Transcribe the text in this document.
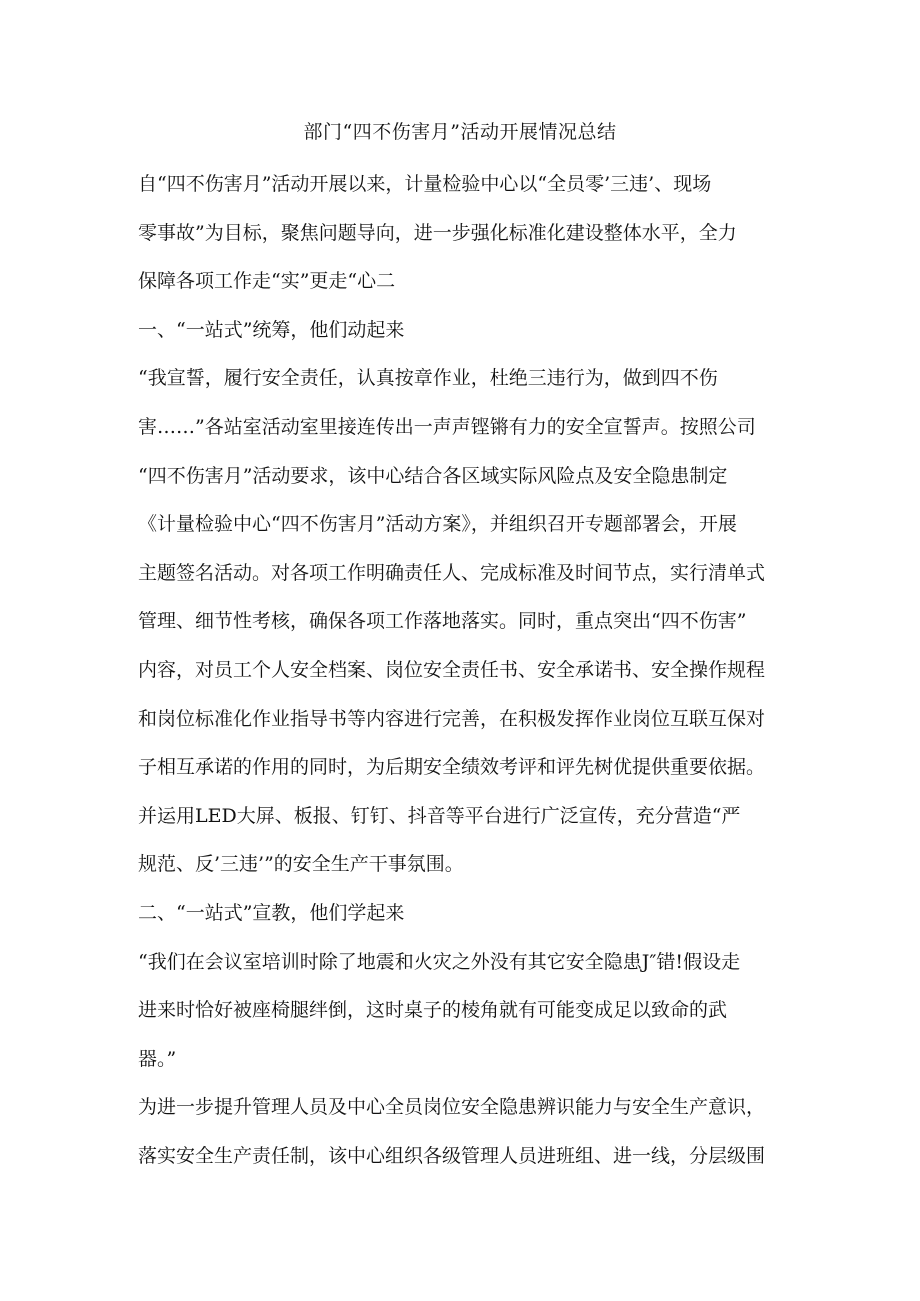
部门“四不伤害月”活动开展情况总结
自“四不伤害月”活动开展以来，计量检验中心以“全员零’三违’、现场
零事故”为目标，聚焦问题导向，进一步强化标准化建设整体水平，全力
保障各项工作走“实”更走“心二
一、“一站式”统筹，他们动起来
“我宣誓，履行安全责任，认真按章作业，杜绝三违行为，做到四不伤
害……”各站室活动室里接连传出一声声铿锵有力的安全宣誓声。按照公司
“四不伤害月”活动要求，该中心结合各区域实际风险点及安全隐患制定
《计量检验中心“四不伤害月”活动方案》，并组织召开专题部署会，开展
主题签名活动。对各项工作明确责任人、完成标准及时间节点，实行清单式
管理、细节性考核，确保各项工作落地落实。同时，重点突出“四不伤害”
内容，对员工个人安全档案、岗位安全责任书、安全承诺书、安全操作规程
和岗位标准化作业指导书等内容进行完善，在积极发挥作业岗位互联互保对
子相互承诺的作用的同时，为后期安全绩效考评和评先树优提供重要依据。
并运用LED大屏、板报、钉钉、抖音等平台进行广泛宣传，充分营造“严
规范、反’三违’”的安全生产干事氛围。
二、“一站式”宣教，他们学起来
“我们在会议室培训时除了地震和火灾之外没有其它安全隐患J″错!假设走
进来时恰好被座椅腿绊倒，这时桌子的棱角就有可能变成足以致命的武
器。”
为进一步提升管理人员及中心全员岗位安全隐患辨识能力与安全生产意识，
落实安全生产责任制，该中心组织各级管理人员进班组、进一线，分层级围
